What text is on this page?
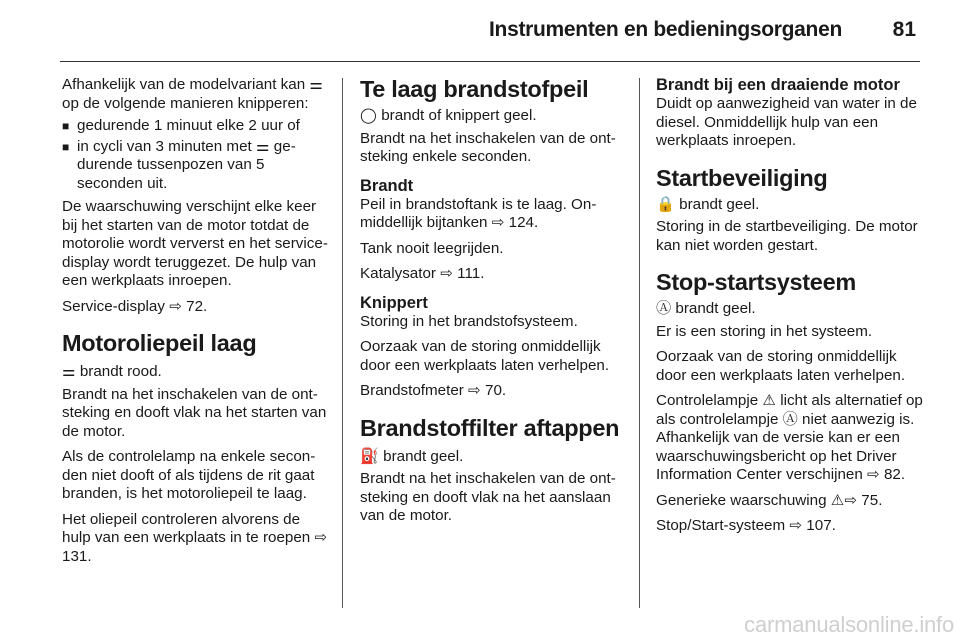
Instrumenten en bedieningsorganen 81

Afhankelijk van de modelvariant kan ⚌ op de volgende manieren knipperen:

■ gedurende 1 minuut elke 2 uur of
■ in cycli van 3 minuten met ⚌ gedurende tussenpozen van 5 seconden uit.

De waarschuwing verschijnt elke keer bij het starten van de motor totdat de motorolie wordt ververst en het service-display wordt teruggezet. De hulp van een werkplaats inroepen.

Service-display ⇨ 72.

Motoroliepeil laag

⚌ brandt rood.

Brandt na het inschakelen van de ontsteking en dooft vlak na het starten van de motor.

Als de controlelamp na enkele seconden niet dooft of als tijdens de rit gaat branden, is het motoroliepeil te laag.

Het oliepeil controleren alvorens de hulp van een werkplaats in te roepen ⇨ 131.

Te laag brandstofpeil

◯ brandt of knippert geel.

Brandt na het inschakelen van de ontsteking enkele seconden.

Brandt

Peil in brandstoftank is te laag. Onmiddellijk bijtanken ⇨ 124.

Tank nooit leegrijden.

Katalysator ⇨ 111.

Knippert

Storing in het brandstofsysteem.

Oorzaak van de storing onmiddellijk door een werkplaats laten verhelpen.

Brandstofmeter ⇨ 70.

Brandstoffilter aftappen

⛽ brandt geel.

Brandt na het inschakelen van de ontsteking en dooft vlak na het aanslaan van de motor.

Brandt bij een draaiende motor

Duidt op aanwezigheid van water in de diesel. Onmiddellijk hulp van een werkplaats inroepen.

Startbeveiliging

🔒 brandt geel.

Storing in de startbeveiliging. De motor kan niet worden gestart.

Stop-startsysteem

Ⓐ brandt geel.

Er is een storing in het systeem.

Oorzaak van de storing onmiddellijk door een werkplaats laten verhelpen.

Controlelampje ⚠ licht als alternatief op als controlelampje Ⓐ niet aanwezig is. Afhankelijk van de versie kan er een waarschuwingsbericht op het Driver Information Center verschijnen ⇨ 82.

Generieke waarschuwing ⚠⇨ 75.

Stop/Start-systeem ⇨ 107.

carmanualsonline.info
